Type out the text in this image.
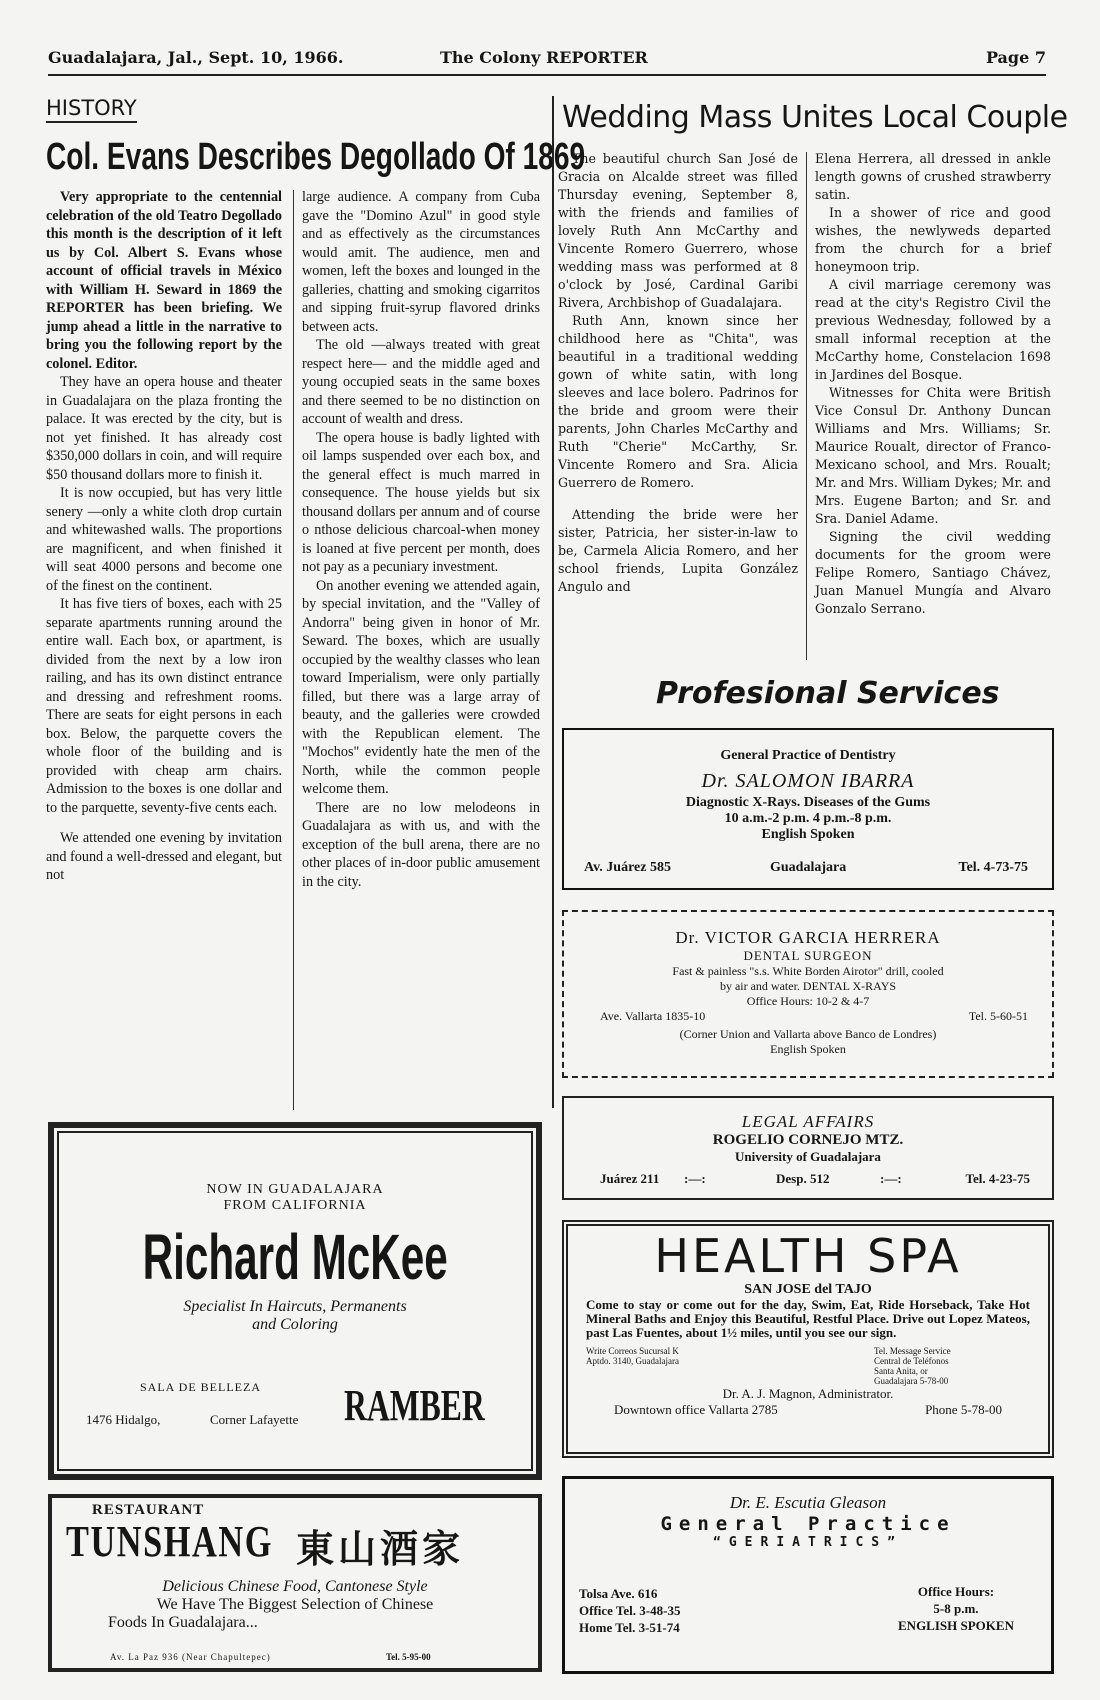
Guadalajara, Jal., Sept. 10, 1966.	The Colony REPORTER	Page 7
HISTORY
Col. Evans Describes Degollado Of 1869

Very appropriate to the centennial celebration of the old Teatro Degollado this month is the description of it left us by Col. Albert S. Evans whose account of official travels in México with William H. Seward in 1869 the REPORTER has been briefing. We jump ahead a little in the narrative to bring you the following report by the colonel. Editor.

They have an opera house and theater in Guadalajara on the plaza fronting the palace. It was erected by the city, but is not yet finished. It has already cost $350,000 dollars in coin, and will require $50 thousand dollars more to finish it.

It is now occupied, but has very little senery —only a white cloth drop curtain and whitewashed walls. The proportions are magnificent, and when finished it will seat 4000 persons and become one of the finest on the continent.

It has five tiers of boxes, each with 25 separate apartments running around the entire wall. Each box, or apartment, is divided from the next by a low iron railing, and has its own distinct entrance and dressing and refreshment rooms. There are seats for eight persons in each box. Below, the parquette covers the whole floor of the building and is provided with cheap arm chairs. Admission to the boxes is one dollar and to the parquette, seventy-five cents each.

We attended one evening by invitation and found a well-dressed and elegant, but not

large audience. A company from Cuba gave the "Domino Azul" in good style and as effectively as the circumstances would amit. The audience, men and women, left the boxes and lounged in the galleries, chatting and smoking cigarritos and sipping fruit-syrup flavored drinks between acts.

The old —always treated with great respect here— and the middle aged and young occupied seats in the same boxes and there seemed to be no distinction on account of wealth and dress.

The opera house is badly lighted with oil lamps suspended over each box, and the general effect is much marred in consequence. The house yields but six thousand dollars per annum and of course o nthose delicious charcoal-when money is loaned at five percent per month, does not pay as a pecuniary investment.

On another evening we attended again, by special invitation, and the "Valley of Andorra" being given in honor of Mr. Seward. The boxes, which are usually occupied by the wealthy classes who lean toward Imperialism, were only partially filled, but there was a large array of beauty, and the galleries were crowded with the Republican element. The "Mochos" evidently hate the men of the North, while the common people welcome them.

There are no low melodeons in Guadalajara as with us, and with the exception of the bull arena, there are no other places of in-door public amusement in the city.

Wedding Mass Unites Local Couple

The beautiful church San José de Gracia on Alcalde street was filled Thursday evening, September 8, with the friends and families of lovely Ruth Ann McCarthy and Vincente Romero Guerrero, whose wedding mass was performed at 8 o'clock by José, Cardinal Garibi Rivera, Archbishop of Guadalajara.

Ruth Ann, known since her childhood here as "Chita", was beautiful in a traditional wedding gown of white satin, with long sleeves and lace bolero. Padrinos for the bride and groom were their parents, John Charles McCarthy and Ruth "Cherie" McCarthy, Sr. Vincente Romero and Sra. Alicia Guerrero de Romero.

Attending the bride were her sister, Patricia, her sister-in-law to be, Carmela Alicia Romero, and her school friends, Lupita González Angulo and

Elena Herrera, all dressed in ankle length gowns of crushed strawberry satin.

In a shower of rice and good wishes, the newlyweds departed from the church for a brief honeymoon trip.

A civil marriage ceremony was read at the city's Registro Civil the previous Wednesday, followed by a small informal reception at the McCarthy home, Constelacion 1698 in Jardines del Bosque.

Witnesses for Chita were British Vice Consul Dr. Anthony Duncan Williams and Mrs. Williams; Sr. Maurice Roualt, director of Franco-Mexicano school, and Mrs. Roualt; Mr. and Mrs. William Dykes; Mr. and Mrs. Eugene Barton; and Sr. and Sra. Daniel Adame.

Signing the civil wedding documents for the groom were Felipe Romero, Santiago Chávez, Juan Manuel Mungía and Alvaro Gonzalo Serrano.

Profesional Services
General Practice of Dentistry
Dr. SALOMON IBARRA
Diagnostic X-Rays. Diseases of the Gums
10 a.m.-2 p.m. 4 p.m.-8 p.m.
English Spoken
Av. Juárez 585	Guadalajara	Tel. 4-73-75
Dr. VICTOR GARCIA HERRERA
DENTAL SURGEON
Fast & painless "s.s. White Borden Airotor" drill, cooled
by air and water. DENTAL X-RAYS
Office Hours: 10-2 & 4-7
Ave. Vallarta 1835-10	Tel. 5-60-51
(Corner Union and Vallarta above Banco de Londres)
English Spoken
LEGAL AFFAIRS
ROGELIO CORNEJO MTZ.
University of Guadalajara
Juárez 211 :—:	Desp. 512	:—:	Tel. 4-23-75
HEALTH SPA
SAN JOSE del TAJO
Come to stay or come out for the day, Swim, Eat, Ride Horseback, Take Hot Mineral Baths and Enjoy this Beautiful, Restful Place. Drive out Lopez Mateos, past Las Fuentes, about 1½ miles, until you see our sign.
Write Correos Sucursal K
Aptdo. 3140, Guadalajara
Tel. Message Service
Central de Teléfonos
Santa Anita, or
Guadalajara 5-78-00
Dr. A. J. Magnon, Administrator.
Downtown office Vallarta 2785	Phone 5-78-00
Dr. E. Escutia Gleason
General Practice
“GERIATRICS”
Tolsa Ave. 616
Office Tel. 3-48-35
Home Tel. 3-51-74
Office Hours:
5-8 p.m.
ENGLISH SPOKEN
NOW IN GUADALAJARA
FROM CALIFORNIA
Richard McKee
Specialist In Haircuts, Permanents
and Coloring
SALA DE BELLEZA
1476 Hidalgo,	Corner Lafayette RAMBER
RESTAURANT
TUNSHANG 東山酒家
Delicious Chinese Food, Cantonese Style
We Have The Biggest Selection of Chinese
Foods In Guadalajara...
Av. La Paz 936 (Near Chapultepec)	Tel. 5-95-00
